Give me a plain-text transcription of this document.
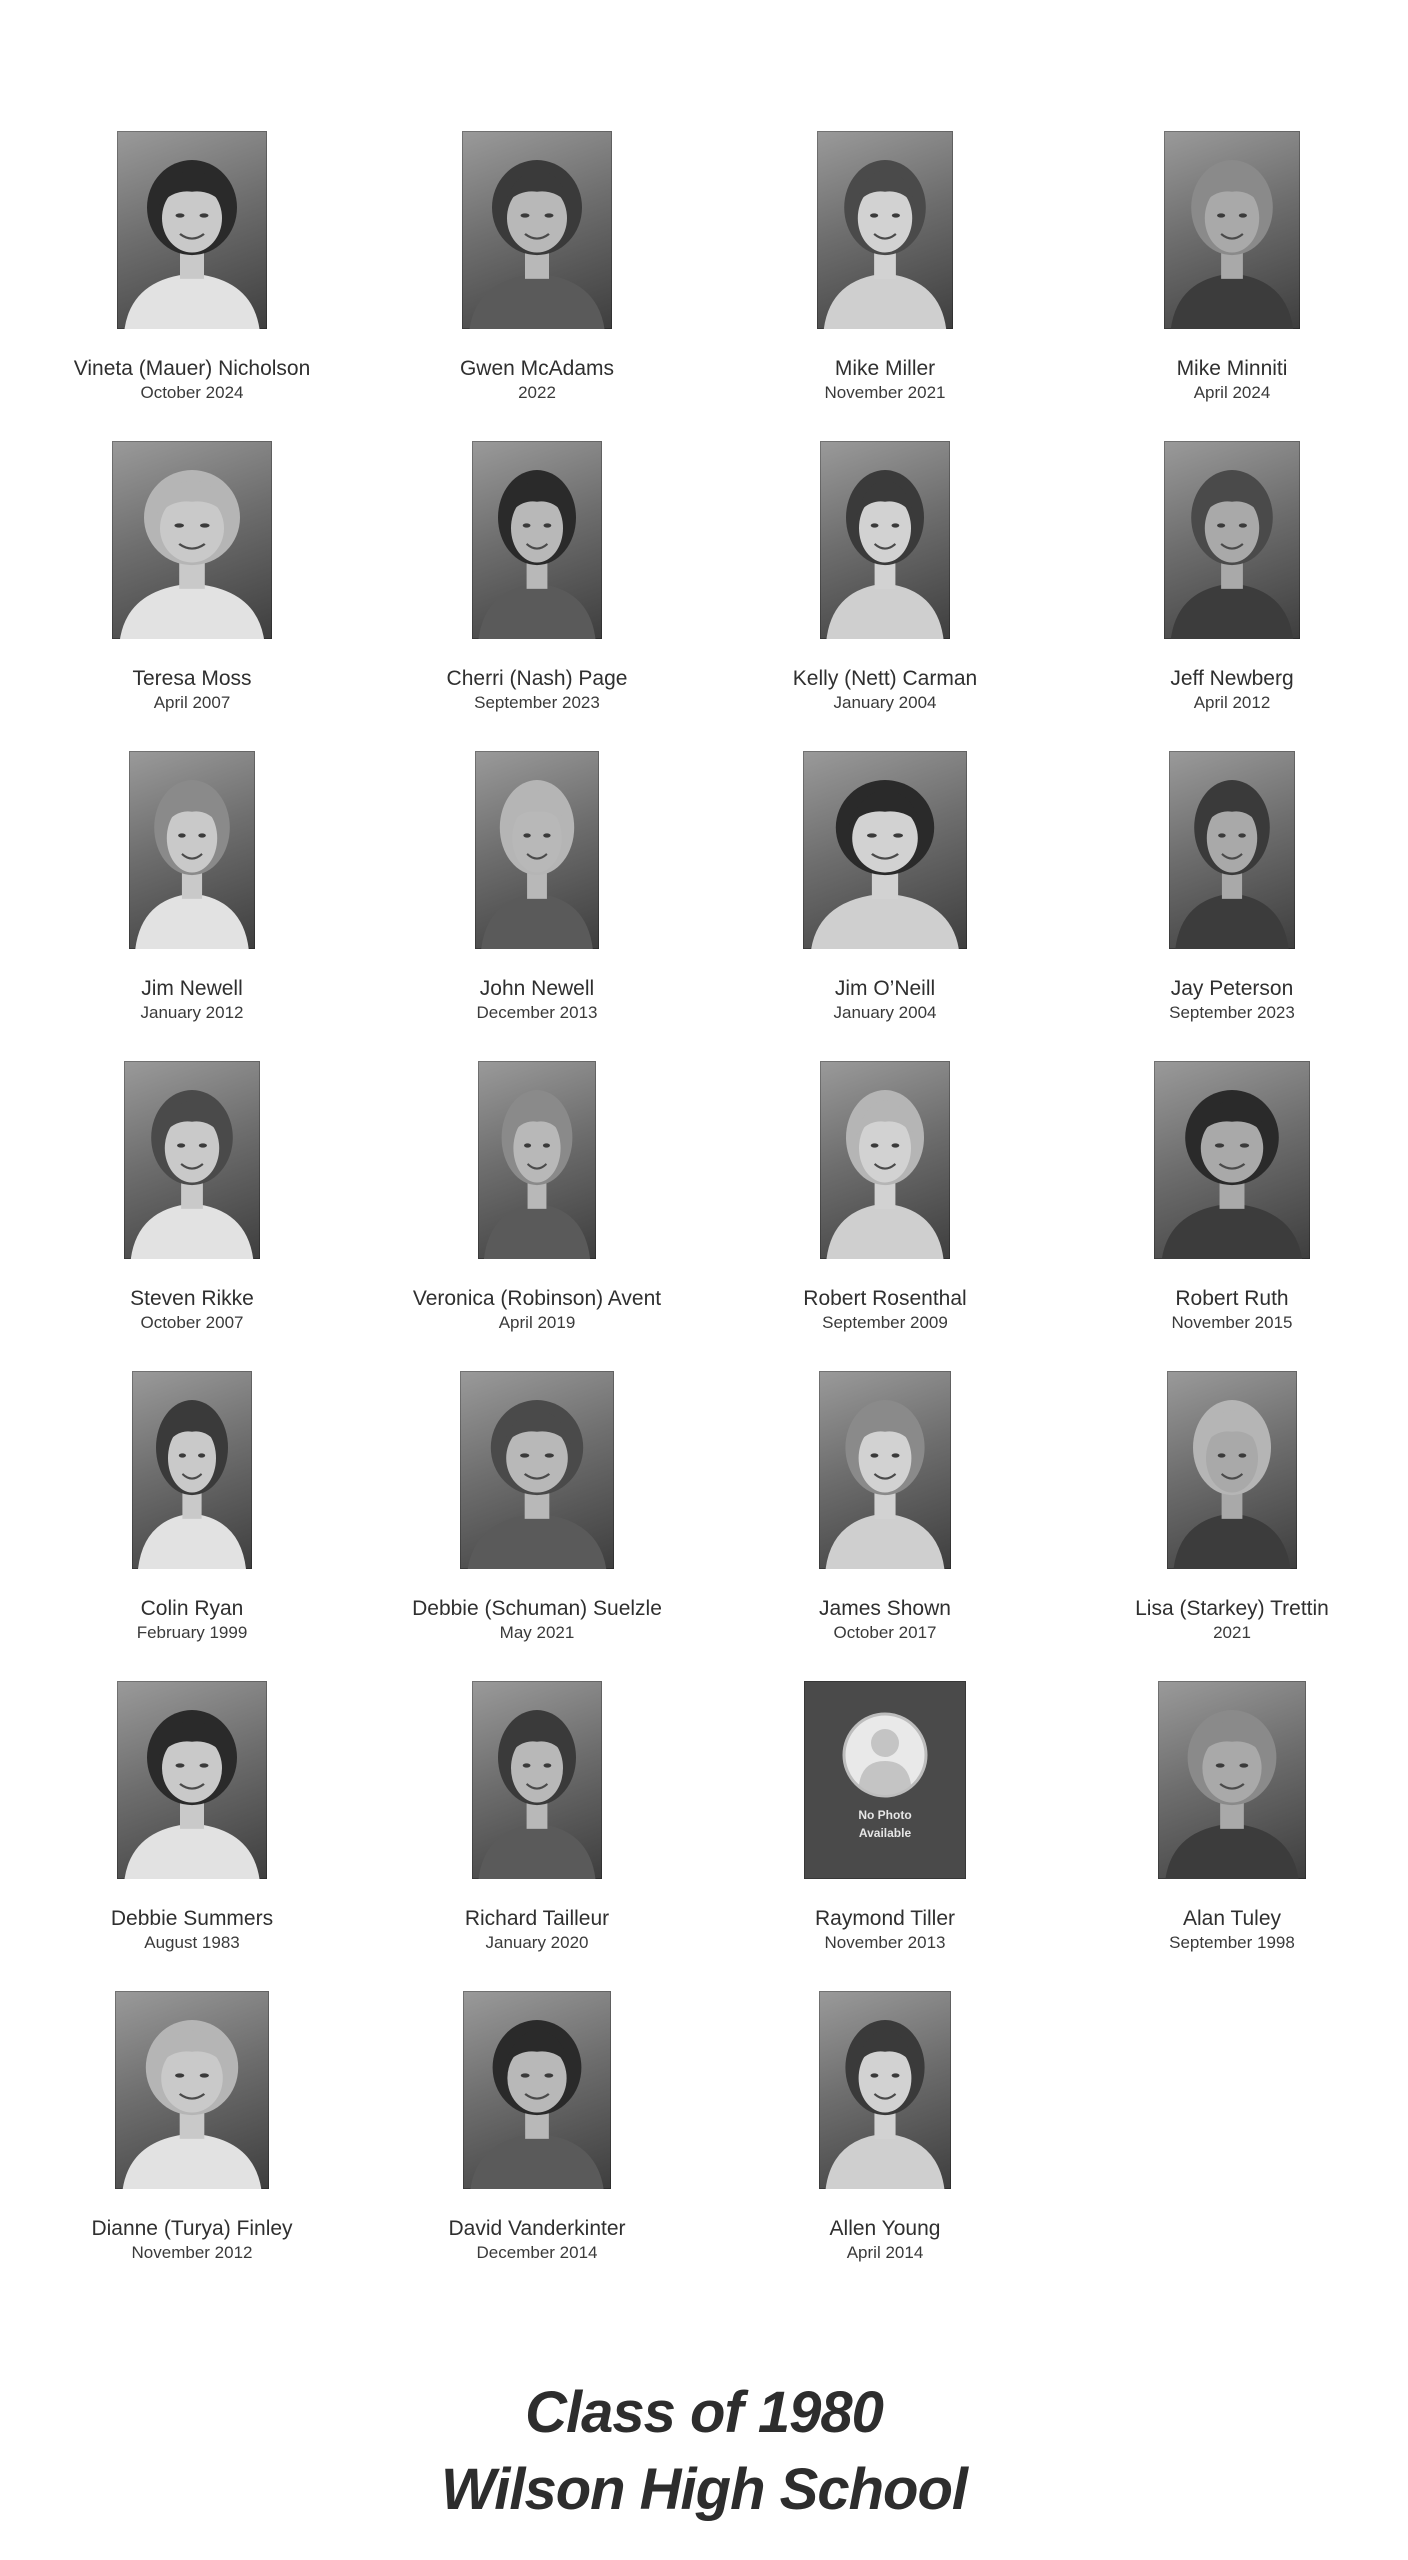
Vineta (Mauer) Nicholson
October 2024
Gwen McAdams
2022
Mike Miller
November 2021
Mike Minniti
April 2024
Teresa Moss
April 2007
Cherri (Nash) Page
September 2023
Kelly (Nett) Carman
January 2004
Jeff Newberg
April 2012
Jim Newell
January 2012
John Newell
December 2013
Jim O’Neill
January 2004
Jay Peterson
September 2023
Steven Rikke
October 2007
Veronica (Robinson) Avent
April 2019
Robert Rosenthal
September 2009
Robert Ruth
November 2015
Colin Ryan
February 1999
Debbie (Schuman) Suelzle
May 2021
James Shown
October 2017
Lisa (Starkey) Trettin
2021
Debbie Summers
August 1983
Richard Tailleur
January 2020
No Photo
Available
Raymond Tiller
November 2013
Alan Tuley
September 1998
Dianne (Turya) Finley
November 2012
David Vanderkinter
December 2014
Allen Young
April 2014
Class of 1980
Wilson High School
